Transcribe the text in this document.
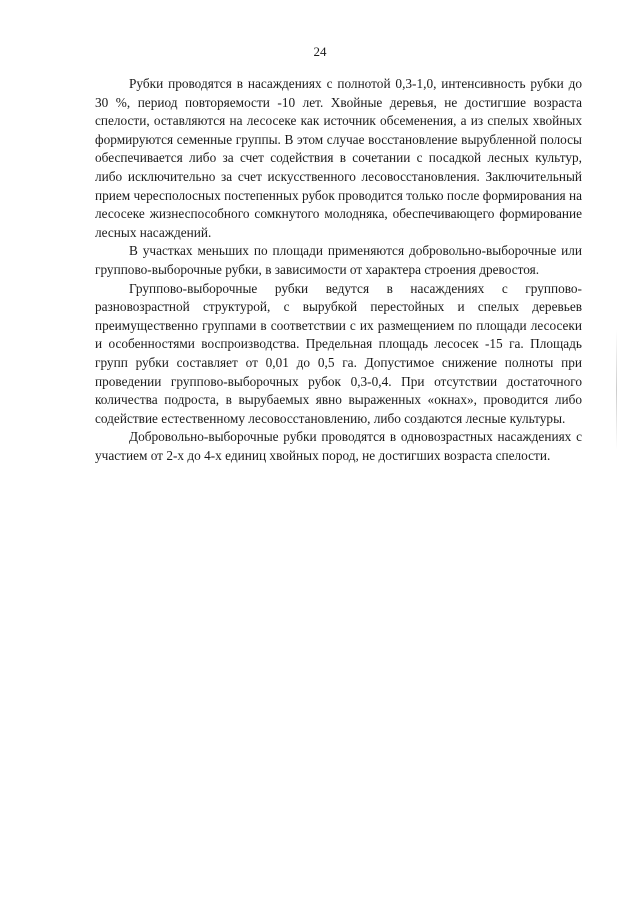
24

Рубки проводятся в насаждениях с полнотой 0,3-1,0, интенсивность рубки до 30 %, период повторяемости -10 лет. Хвойные деревья, не достигшие возраста спелости, оставляются на лесосеке как источник обсеменения, а из спелых хвойных формируются семенные группы. В этом случае восстановление вырубленной полосы обеспечивается либо за счет содействия в сочетании с посадкой лесных культур, либо исключительно за счет искусственного лесовосстановления. Заключительный прием чересполосных постепенных рубок проводится только после формирования на лесосеке жизнеспособного сомкнутого молодняка, обеспечивающего формирование лесных насаждений.

В участках меньших по площади применяются добровольно-выборочные или группово-выборочные рубки, в зависимости от характера строения древостоя.

Группово-выборочные рубки ведутся в насаждениях с группово-разновозрастной структурой, с вырубкой перестойных и спелых деревьев преимущественно группами в соответствии с их размещением по площади лесосеки и особенностями воспроизводства. Предельная площадь лесосек -15 га. Площадь групп рубки составляет от 0,01 до 0,5 га. Допустимое снижение полноты при проведении группово-выборочных рубок 0,3-0,4. При отсутствии достаточного количества подроста, в вырубаемых явно выраженных «окнах», проводится либо содействие естественному лесовосстановлению, либо создаются лесные культуры.

Добровольно-выборочные рубки проводятся в одновозрастных насаждениях с участием от 2-х до 4-х единиц хвойных пород, не достигших возраста спелости.
